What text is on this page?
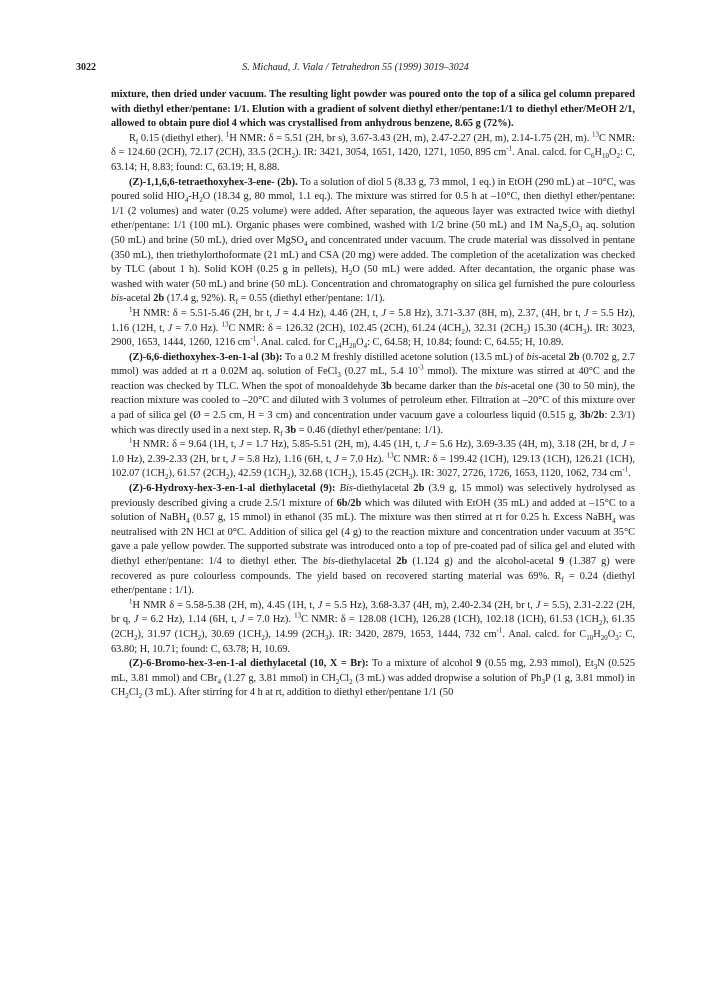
3022	S. Michaud, J. Viala / Tetrahedron 55 (1999) 3019–3024

mixture, then dried under vacuum. The resulting light powder was poured onto the top of a silica gel column prepared with diethyl ether/pentane: 1/1. Elution with a gradient of solvent diethyl ether/pentane:1/1 to diethyl ether/MeOH 2/1, allowed to obtain pure diol 4 which was crystallised from anhydrous benzene, 8.65 g (72%).

$R_f$ 0.15 (diethyl ether). $^1$H NMR: δ = 5.51 (2H, br s), 3.67-3.43 (2H, m), 2.47-2.27 (2H, m), 2.14-1.75 (2H, m). $^{13}$C NMR: δ = 124.60 (2CH), 72.17 (2CH), 33.5 $(2CH_2)$. IR: 3421, 3054, 1651, 1420, 1271, 1050, 895 $cm^{-1}$. Anal. calcd. for $C_6H_{10}O_2$: C, 63.14; H, 8.83; found: C, 63.19; H, 8.88.

(Z)-1,1,6,6-tetraethoxyhex-3-ene- (2b). To a solution of diol 5 (8.33 g, 73 mmol, 1 eq.) in EtOH (290 mL) at –10°C, was poured solid $HIO_4-H_2O$ (18.34 g, 80 mmol, 1.1 eq.). The mixture was stirred for 0.5 h at –10°C, then diethyl ether/pentane: 1/1 (2 volumes) and water (0.25 volume) were added. After separation, the aqueous layer was extracted twice with diethyl ether/pentane: 1/1 (100 mL). Organic phases were combined, washed with 1/2 brine (50 mL) and 1M $Na_2S_2O_3$ aq. solution (50 mL) and brine (50 mL), dried over MgSO$_4$ and concentrated under vacuum. The crude material was dissolved in pentane (350 mL), then triethylorthoformate (21 mL) and CSA (20 mg) were added. The completion of the acetalization was checked by TLC (about 1 h). Solid KOH (0.25 g in pellets), $H_2O$ (50 mL) were added. After decantation, the organic phase was washed with water (50 mL) and brine (50 mL). Concentration and chromatography on silica gel furnished the pure colourless bis-acetal 2b (17.4 g, 92%). $R_f = 0.55$ (diethyl ether/pentane: 1/1).

$^1$H NMR: δ = 5.51-5.46 (2H, br t, J = 4.4 Hz), 4.46 (2H, t, J = 5.8 Hz), 3.71-3.37 (8H, m), 2.37, (4H, br t, J = 5.5 Hz), 1.16 (12H, t, J = 7.0 Hz). $^{13}$C NMR: δ = 126.32 (2CH), 102.45 (2CH), 61.24 $(4CH_2)$, 32.31 $(2CH_2)$ 15.30 $(4CH_3)$. IR: 3023, 2900, 1653, 1444, 1260, 1216 $cm^{-1}$. Anal. calcd. for $C_{14}H_{28}O_4$: C, 64.58; H, 10.84; found: C, 64.55; H, 10.89.

(Z)-6,6-diethoxyhex-3-en-1-al (3b): To a 0.2 M freshly distilled acetone solution (13.5 mL) of bis-acetal 2b (0.702 g, 2.7 mmol) was added at rt a 0.02M aq. solution of FeCl$_3$ (0.27 mL, 5.4 $10^{-3}$ mmol). The mixture was stirred at 40°C and the reaction was checked by TLC. When the spot of monoaldehyde 3b became darker than the bis-acetal one (30 to 50 min), the reaction mixture was cooled to –20°C and diluted with 3 volumes of petroleum ether. Filtration at –20°C of this mixture over a pad of silica gel (Ø = 2.5 cm, H = 3 cm) and concentration under vacuum gave a colourless liquid (0.515 g, 3b/2b: 2.3/1) which was directly used in a next step. $R_f$ 3b = 0.46 (diethyl ether/pentane: 1/1).

$^1$H NMR: δ = 9.64 (1H, t, J = 1.7 Hz), 5.85-5.51 (2H, m), 4.45 (1H, t, J = 5.6 Hz), 3.69-3.35 (4H, m), 3.18 (2H, br d, J = 1.0 Hz), 2.39-2.33 (2H, br t, J = 5.8 Hz), 1.16 (6H, t, J = 7.0 Hz). $^{13}$C NMR: δ = 199.42 (1CH), 129.13 (1CH), 126.21 (1CH), 102.07 $(1CH_2)$, 61.57 $(2CH_2)$, 42.59 $(1CH_2)$, 32.68 $(1CH_2)$, 15.45 $(2CH_3)$. IR: 3027, 2726, 1726, 1653, 1120, 1062, 734 $cm^{-1}$.

(Z)-6-Hydroxy-hex-3-en-1-al diethylacetal (9): Bis-diethylacetal 2b (3.9 g, 15 mmol) was selectively hydrolysed as previously described giving a crude 2.5/1 mixture of 6b/2b which was diluted with EtOH (35 mL) and added at –15°C to a solution of NaBH$_4$ (0.57 g, 15 mmol) in ethanol (35 mL). The mixture was then stirred at rt for 0.25 h. Excess NaBH$_4$ was neutralised with 2N HCl at 0°C. Addition of silica gel (4 g) to the reaction mixture and concentration under vacuum at 35°C gave a pale yellow powder. The supported substrate was introduced onto a top of pre-coated pad of silica gel and eluted with diethyl ether/pentane: 1/4 to diethyl ether. The bis-diethylacetal 2b (1.124 g) and the alcohol-acetal 9 (1.387 g) were recovered as pure colourless compounds. The yield based on recovered starting material was 69%. $R_f = 0.24$ (diethyl ether/pentane : 1/1).

$^1$H NMR δ = 5.58-5.38 (2H, m), 4.45 (1H, t, J = 5.5 Hz), 3.68-3.37 (4H, m), 2.40-2.34 (2H, br t, J = 5.5), 2.31-2.22 (2H, br q, J = 6.2 Hz), 1.14 (6H, t, J = 7.0 Hz). $^{13}$C NMR: δ = 128.08 (1CH), 126.28 (1CH), 102.18 (1CH), 61.53 $(1CH_2)$, 61.35 $(2CH_2)$, 31.97 $(1CH_2)$, 30.69 $(1CH_2)$, 14.99 $(2CH_3)$. IR: 3420, 2879, 1653, 1444, 732 $cm^{-1}$. Anal. calcd. for $C_{10}H_{20}O_3$: C, 63.80; H, 10.71; found: C, 63.78; H, 10.69.

(Z)-6-Bromo-hex-3-en-1-al diethylacetal (10, X = Br): To a mixture of alcohol 9 (0.55 mg, 2.93 mmol), $Et_3N$ (0.525 mL, 3.81 mmol) and CBr$_4$ (1.27 g, 3.81 mmol) in $CH_2Cl_2$ (3 mL) was added dropwise a solution of $Ph_3P$ (1 g, 3.81 mmol) in $CH_2Cl_2$ (3 mL). After stirring for 4 h at rt, addition to diethyl ether/pentane 1/1 (50
